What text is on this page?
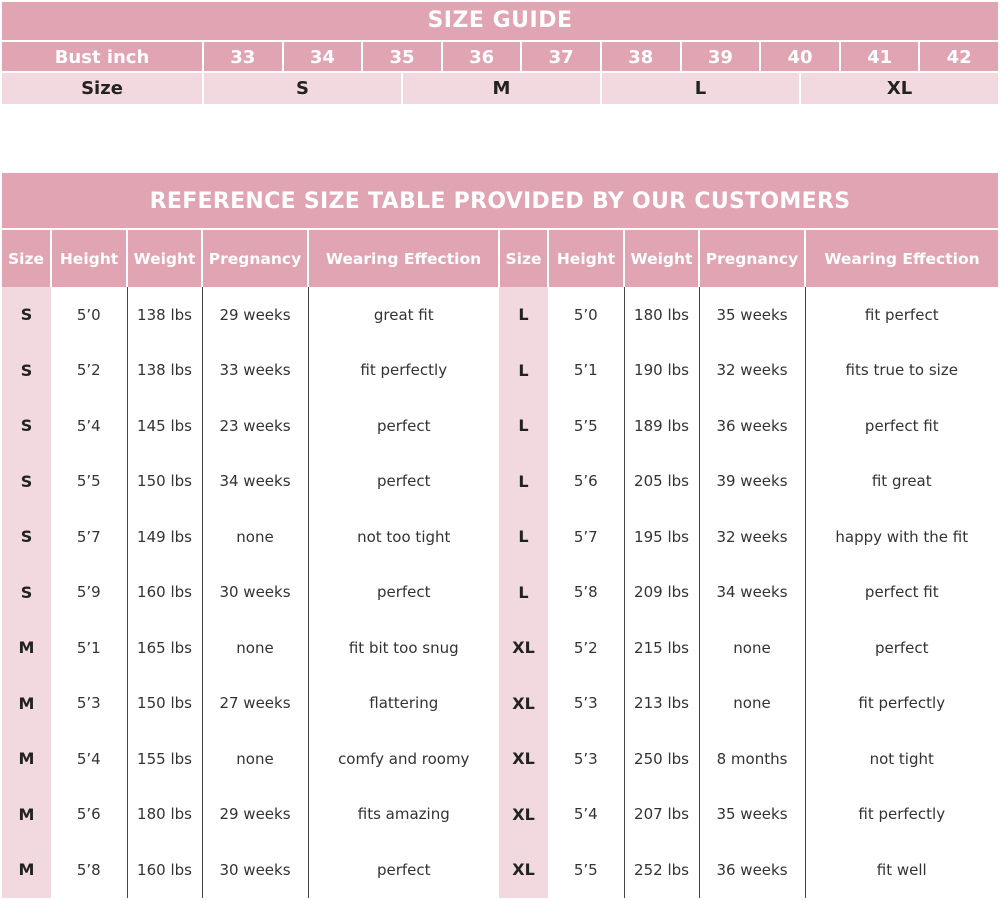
SIZE GUIDE
Bust inch	33	34	35	36	37	38	39	40	41	42
Size	S	M	L	XL
REFERENCE SIZE TABLE PROVIDED BY OUR CUSTOMERS
Size	Height	Weight	Pregnancy	Wearing Effection	Size	Height	Weight	Pregnancy	Wearing Effection
S	5’0	138 lbs	29 weeks	great fit	L	5’0	180 lbs	35 weeks	fit perfect
S	5’2	138 lbs	33 weeks	fit perfectly	L	5’1	190 lbs	32 weeks	fits true to size
S	5’4	145 lbs	23 weeks	perfect	L	5’5	189 lbs	36 weeks	perfect fit
S	5’5	150 lbs	34 weeks	perfect	L	5’6	205 lbs	39 weeks	fit great
S	5’7	149 lbs	none	not too tight	L	5’7	195 lbs	32 weeks	happy with the fit
S	5’9	160 lbs	30 weeks	perfect	L	5’8	209 lbs	34 weeks	perfect fit
M	5’1	165 lbs	none	fit bit too snug	XL	5’2	215 lbs	none	perfect
M	5’3	150 lbs	27 weeks	flattering	XL	5’3	213 lbs	none	fit perfectly
M	5’4	155 lbs	none	comfy and roomy	XL	5’3	250 lbs	8 months	not tight
M	5’6	180 lbs	29 weeks	fits amazing	XL	5’4	207 lbs	35 weeks	fit perfectly
M	5’8	160 lbs	30 weeks	perfect	XL	5’5	252 lbs	36 weeks	fit well
